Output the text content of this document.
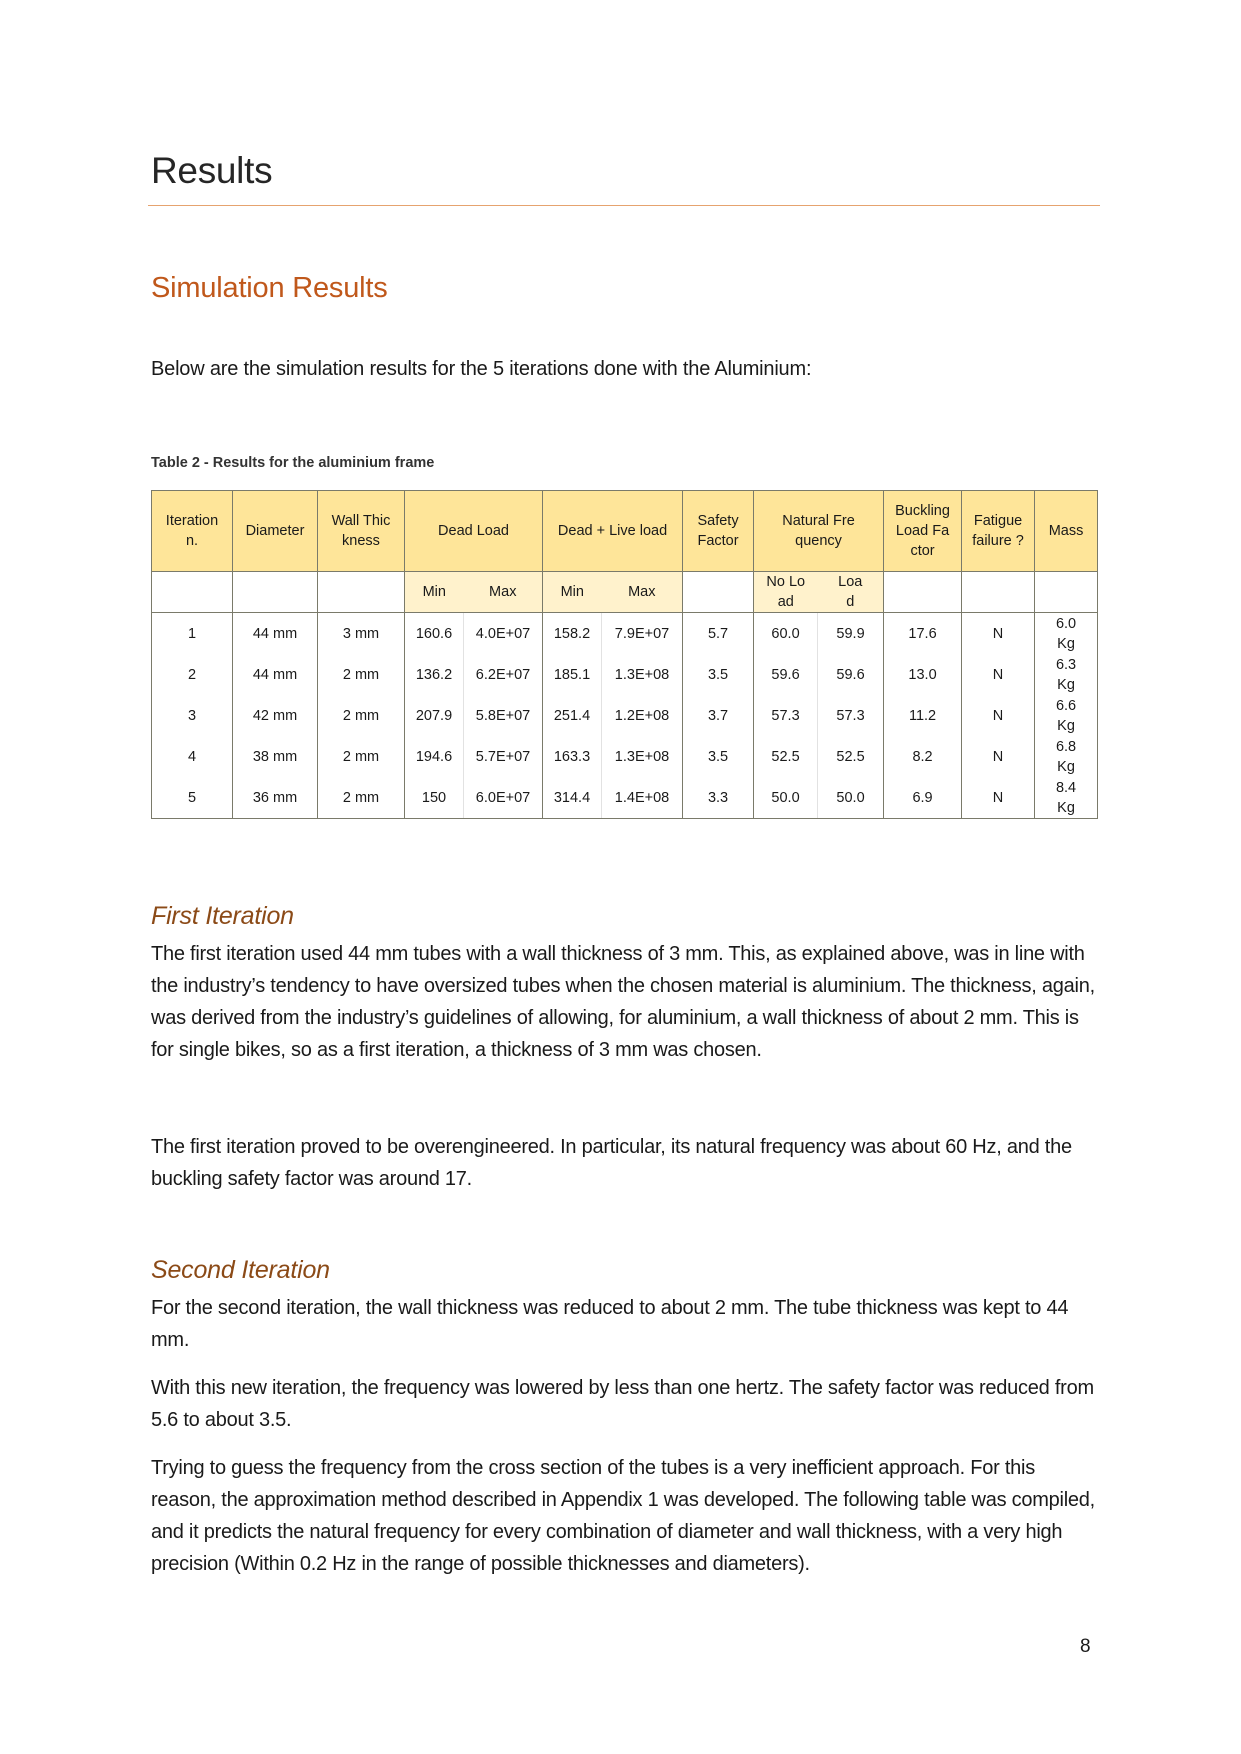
Results
Simulation Results

Below are the simulation results for the 5 iterations done with the Aluminium:

Table 2 - Results for the aluminium frame

Iteration n.	Diameter	Wall Thickness	Dead Load		Dead + Live load		Safety Factor	Natural Frequency		Buckling Load Factor	Fatigue failure ?	Mass
			Min	Max	Min	Max		No Load	Load			
1	44 mm	3 mm	160.6	4.0E+07	158.2	7.9E+07	5.7	60.0	59.9	17.6	N	6.0 Kg
2	44 mm	2 mm	136.2	6.2E+07	185.1	1.3E+08	3.5	59.6	59.6	13.0	N	6.3 Kg
3	42 mm	2 mm	207.9	5.8E+07	251.4	1.2E+08	3.7	57.3	57.3	11.2	N	6.6 Kg
4	38 mm	2 mm	194.6	5.7E+07	163.3	1.3E+08	3.5	52.5	52.5	8.2	N	6.8 Kg
5	36 mm	2 mm	150	6.0E+07	314.4	1.4E+08	3.3	50.0	50.0	6.9	N	8.4 Kg
First Iteration

The first iteration used 44 mm tubes with a wall thickness of 3 mm. This, as explained above, was in line with the industry’s tendency to have oversized tubes when the chosen material is aluminium. The thickness, again, was derived from the industry’s guidelines of allowing, for aluminium, a wall thickness of about 2 mm. This is for single bikes, so as a first iteration, a thickness of 3 mm was chosen.

The first iteration proved to be overengineered. In particular, its natural frequency was about 60 Hz, and the buckling safety factor was around 17.

Second Iteration

For the second iteration, the wall thickness was reduced to about 2 mm. The tube thickness was kept to 44 mm.

With this new iteration, the frequency was lowered by less than one hertz. The safety factor was reduced from 5.6 to about 3.5.

Trying to guess the frequency from the cross section of the tubes is a very inefficient approach. For this reason, the approximation method described in Appendix 1 was developed. The following table was compiled, and it predicts the natural frequency for every combination of diameter and wall thickness, with a very high precision (Within 0.2 Hz in the range of possible thicknesses and diameters).

8
